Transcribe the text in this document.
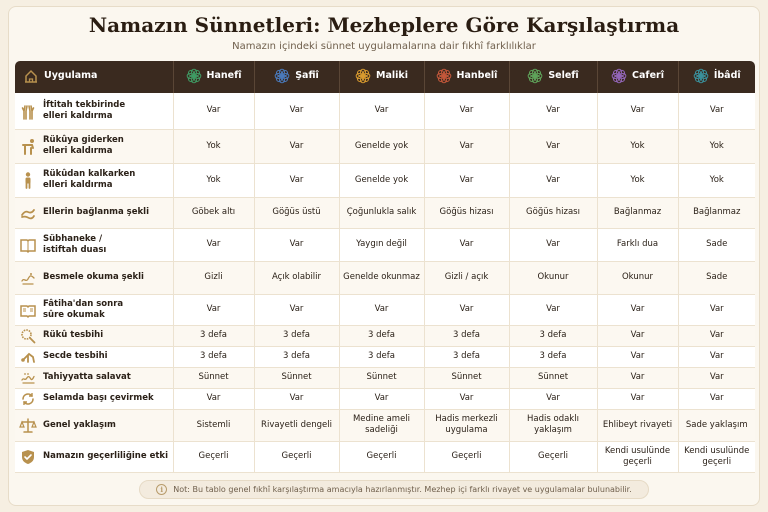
Namazın Sünnetleri: Mezheplere Göre Karşılaştırma
Namazın içindeki sünnet uygulamalarına dair fıkhî farklılıklar
Uygulama	Hanefî	Şafiî	Maliki	Hanbelî	Selefî	Caferî	İbâdî

İftitah tekbirinde
elleri kaldırma	Var	Var	Var	Var	Var	Var	Var

Rükûya giderken
elleri kaldırma	Yok	Var	Genelde yok	Var	Var	Yok	Yok

Rükûdan kalkarken
elleri kaldırma	Yok	Var	Genelde yok	Var	Var	Yok	Yok

Ellerin bağlanma şekli	Göbek altı	Göğüs üstü	Çoğunlukla salık	Göğüs hizası	Göğüs hizası	Bağlanmaz	Bağlanmaz

Sübhaneke /
istiftah duası	Var	Var	Yaygın değil	Var	Var	Farklı dua	Sade

Besmele okuma şekli	Gizli	Açık olabilir	Genelde okunmaz	Gizli / açık	Okunur	Okunur	Sade

Fâtiha'dan sonra
sûre okumak	Var	Var	Var	Var	Var	Var	Var

Rükû tesbihi	3 defa	3 defa	3 defa	3 defa	3 defa	Var	Var

Secde tesbihi	3 defa	3 defa	3 defa	3 defa	3 defa	Var	Var

Tahiyyatta salavat	Sünnet	Sünnet	Sünnet	Sünnet	Sünnet	Var	Var

Selamda başı çevirmek	Var	Var	Var	Var	Var	Var	Var

Genel yaklaşım	Sistemli	Rivayetli dengeli	Medine ameli sadeliği	Hadis merkezli uygulama	Hadis odaklı yaklaşım	Ehlibeyt rivayeti	Sade yaklaşım

Namazın geçerliliğine etki	Geçerli	Geçerli	Geçerli	Geçerli	Geçerli	Kendi usulünde geçerli	Kendi usulünde geçerli
i	Not: Bu tablo genel fıkhî karşılaştırma amacıyla hazırlanmıştır. Mezhep içi farklı rivayet ve uygulamalar bulunabilir.
